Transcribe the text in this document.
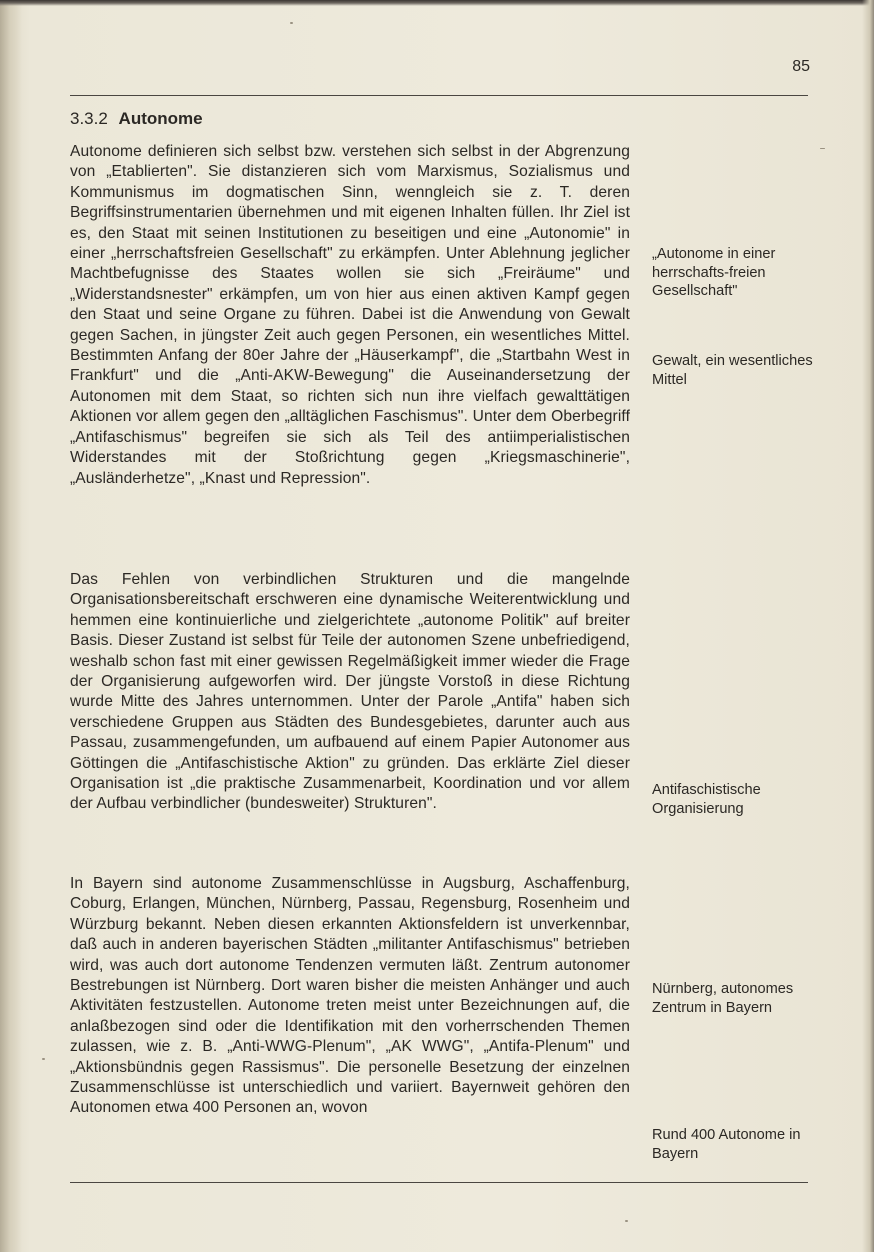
85
3.3.2 Autonome
Autonome definieren sich selbst bzw. verstehen sich selbst in der Abgrenzung von „Etablierten". Sie distanzieren sich vom Marxismus, Sozialismus und Kommunismus im dogmatischen Sinn, wenngleich sie z. T. deren Begriffsinstrumentarien übernehmen und mit eigenen Inhalten füllen. Ihr Ziel ist es, den Staat mit seinen Institutionen zu beseitigen und eine „Autonomie" in einer „herrschaftsfreien Gesellschaft" zu erkämpfen. Unter Ablehnung jeglicher Machtbefugnisse des Staates wollen sie sich „Freiräume" und „Widerstandsnester" erkämpfen, um von hier aus einen aktiven Kampf gegen den Staat und seine Organe zu führen. Dabei ist die Anwendung von Gewalt gegen Sachen, in jüngster Zeit auch gegen Personen, ein wesentliches Mittel. Bestimmten Anfang der 80er Jahre der „Häuserkampf", die „Startbahn West in Frankfurt" und die „Anti-AKW-Bewegung" die Auseinandersetzung der Autonomen mit dem Staat, so richten sich nun ihre vielfach gewalttätigen Aktionen vor allem gegen den „alltäglichen Faschismus". Unter dem Oberbegriff „Antifaschismus" begreifen sie sich als Teil des antiimperialistischen Widerstandes mit der Stoßrichtung gegen „Kriegsmaschinerie", „Ausländerhetze", „Knast und Repression".
Das Fehlen von verbindlichen Strukturen und die mangelnde Organisationsbereitschaft erschweren eine dynamische Weiterentwicklung und hemmen eine kontinuierliche und zielgerichtete „autonome Politik" auf breiter Basis. Dieser Zustand ist selbst für Teile der autonomen Szene unbefriedigend, weshalb schon fast mit einer gewissen Regelmäßigkeit immer wieder die Frage der Organisierung aufgeworfen wird. Der jüngste Vorstoß in diese Richtung wurde Mitte des Jahres unternommen. Unter der Parole „Antifa" haben sich verschiedene Gruppen aus Städten des Bundesgebietes, darunter auch aus Passau, zusammengefunden, um aufbauend auf einem Papier Autonomer aus Göttingen die „Antifaschistische Aktion" zu gründen. Das erklärte Ziel dieser Organisation ist „die praktische Zusammenarbeit, Koordination und vor allem der Aufbau verbindlicher (bundesweiter) Strukturen".
In Bayern sind autonome Zusammenschlüsse in Augsburg, Aschaffenburg, Coburg, Erlangen, München, Nürnberg, Passau, Regensburg, Rosenheim und Würzburg bekannt. Neben diesen erkannten Aktionsfeldern ist unverkennbar, daß auch in anderen bayerischen Städten „militanter Antifaschismus" betrieben wird, was auch dort autonome Tendenzen vermuten läßt. Zentrum autonomer Bestrebungen ist Nürnberg. Dort waren bisher die meisten Anhänger und auch Aktivitäten festzustellen. Autonome treten meist unter Bezeichnungen auf, die anlaßbezogen sind oder die Identifikation mit den vorherrschenden Themen zulassen, wie z. B. „Anti-WWG-Plenum", „AK WWG", „Antifa-Plenum" und „Aktionsbündnis gegen Rassismus". Die personelle Besetzung der einzelnen Zusammenschlüsse ist unterschiedlich und variiert. Bayernweit gehören den Autonomen etwa 400 Personen an, wovon
„Autonome in einer herrschafts-freien Gesellschaft"
Gewalt, ein wesentliches Mittel
Antifaschistische Organisierung
Nürnberg, autonomes Zentrum in Bayern
Rund 400 Autonome in Bayern
